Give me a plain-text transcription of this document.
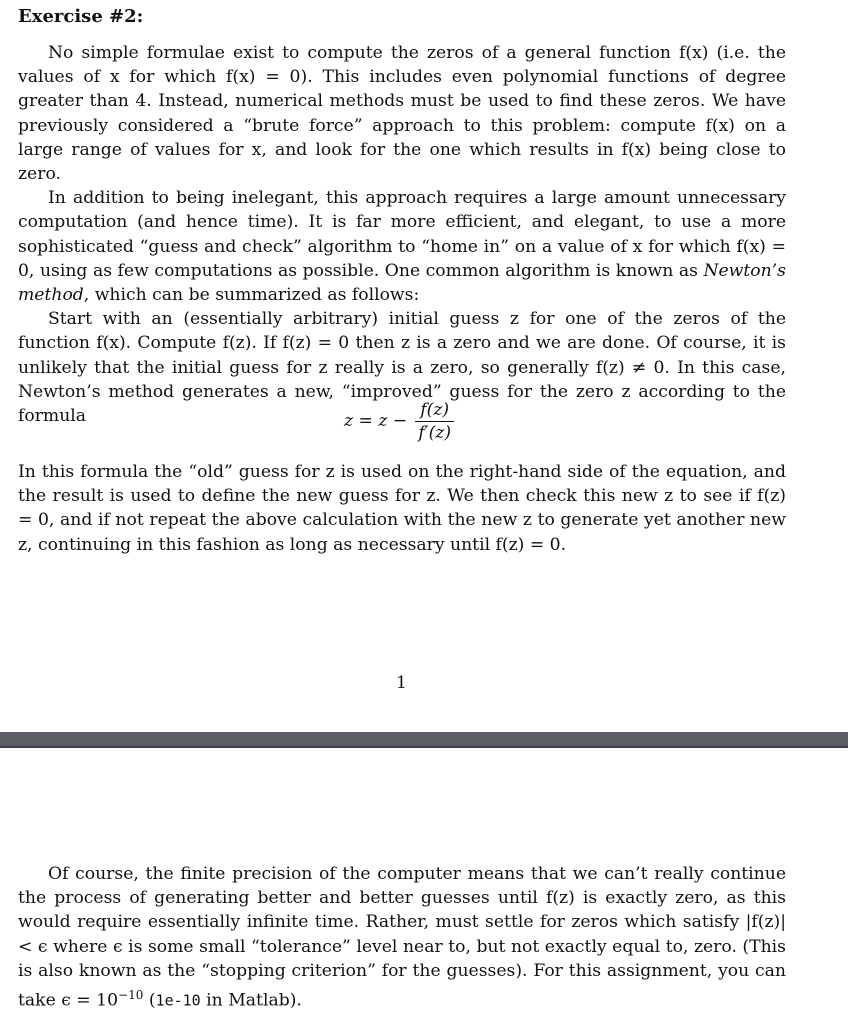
Exercise #2:

No simple formulae exist to compute the zeros of a general function f(x) (i.e. the values of x for which f(x) = 0). This includes even polynomial functions of degree greater than 4. Instead, numerical methods must be used to find these zeros. We have previously considered a “brute force” approach to this problem: compute f(x) on a large range of values for x, and look for the one which results in f(x) being close to zero.

In addition to being inelegant, this approach requires a large amount unnecessary computation (and hence time). It is far more efficient, and elegant, to use a more sophisticated “guess and check” algorithm to “home in” on a value of x for which f(x) = 0, using as few computations as possible. One common algorithm is known as Newton’s method, which can be summarized as follows:

Start with an (essentially arbitrary) initial guess z for one of the zeros of the function f(x). Compute f(z). If f(z) = 0 then z is a zero and we are done. Of course, it is unlikely that the initial guess for z really is a zero, so generally f(z) ≠ 0. In this case, Newton’s method generates a new, “improved” guess for the zero z according to the formula	$z = z - \frac{f(z)}{f'(z)}$

In this formula the “old” guess for z is used on the right-hand side of the equation, and the result is used to define the new guess for z. We then check this new z to see if f(z) = 0, and if not repeat the above calculation with the new z to generate yet another new z, continuing in this fashion as long as necessary until f(z) = 0.

1

Of course, the finite precision of the computer means that we can’t really continue the process of generating better and better guesses until f(z) is exactly zero, as this would require essentially infinite time. Rather, must settle for zeros which satisfy |f(z)| < ϵ where ϵ is some small “tolerance” level near to, but not exactly equal to, zero. (This is also known as the “stopping criterion” for the guesses). For this assignment, you can take $\epsilon = 10^{-10}$ (1e-10 in Matlab).
